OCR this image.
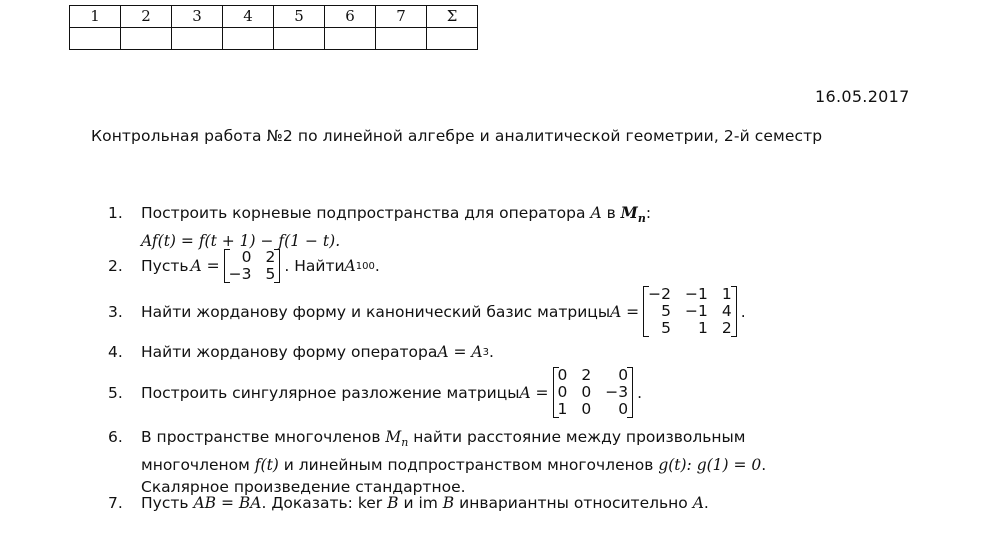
1	2	3	4	5	6	7	Σ

16.05.2017
Контрольная работа №2 по линейной алгебре и аналитической геометрии, 2-й семестр
1. Построить корневые подпространства для оператора A в $M_n$:
Af(t) = f(t + 1) − f(1 − t).
2.	Пусть A =	0 2
−3 5 . Найти A 100 .
3.	Найти жорданову форму и канонический базис матрицы A =
−2 −1 1
5 −1 4
5	1 2
.
4.	Найти жорданову форму оператора A = A 3 .
5.	Построить сингулярное разложение матрицы A =
0 2	0
0 0 −3
1 0	0
.
6. В пространстве многочленов $M_n$ найти расстояние между произвольным
многочленом f(t) и линейным подпространством многочленов g(t): g(1) = 0.
Скалярное произведение стандартное.
7. Пусть AB = BA. Доказать: ker B и im B инвариантны относительно A.
